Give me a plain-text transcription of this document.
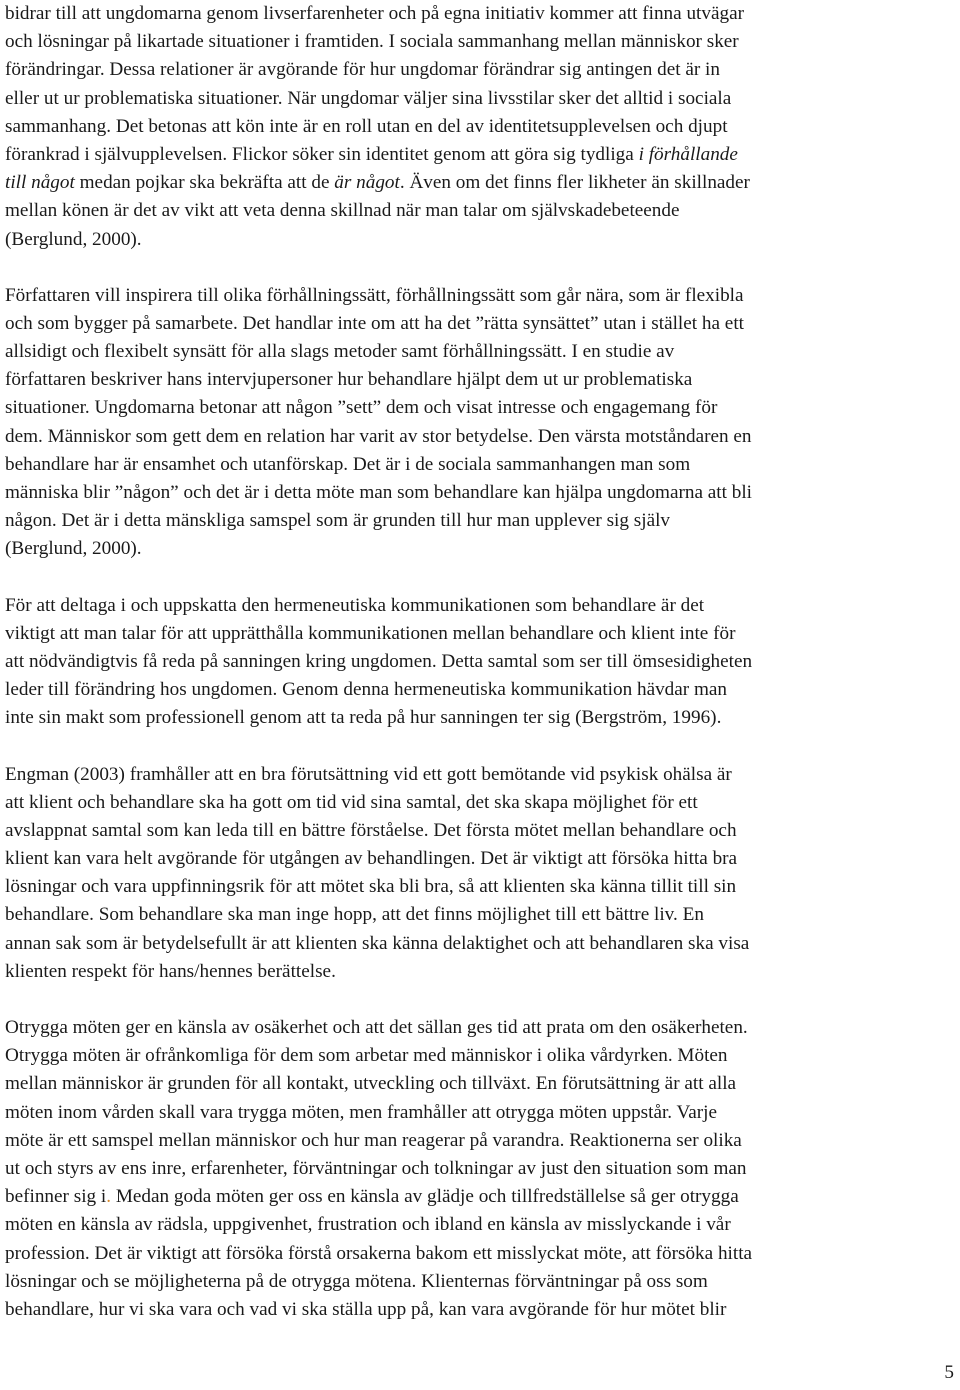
bidrar till att ungdomarna genom livserfarenheter och på egna initiativ kommer att finna utvägar
och lösningar på likartade situationer i framtiden. I sociala sammanhang mellan människor sker
förändringar. Dessa relationer är avgörande för hur ungdomar förändrar sig antingen det är in
eller ut ur problematiska situationer. När ungdomar väljer sina livsstilar sker det alltid i sociala
sammanhang. Det betonas att kön inte är en roll utan en del av identitetsupplevelsen och djupt
förankrad i självupplevelsen. Flickor söker sin identitet genom att göra sig tydliga i förhållande
till något medan pojkar ska bekräfta att de är något. Även om det finns fler likheter än skillnader
mellan könen är det av vikt att veta denna skillnad när man talar om självskadebeteende
(Berglund, 2000).

Författaren vill inspirera till olika förhållningssätt, förhållningssätt som går nära, som är flexibla
och som bygger på samarbete. Det handlar inte om att ha det ”rätta synsättet” utan i stället ha ett
allsidigt och flexibelt synsätt för alla slags metoder samt förhållningssätt. I en studie av
författaren beskriver hans intervjupersoner hur behandlare hjälpt dem ut ur problematiska
situationer. Ungdomarna betonar att någon ”sett” dem och visat intresse och engagemang för
dem. Människor som gett dem en relation har varit av stor betydelse. Den värsta motståndaren en
behandlare har är ensamhet och utanförskap. Det är i de sociala sammanhangen man som
människa blir ”någon” och det är i detta möte man som behandlare kan hjälpa ungdomarna att bli
någon. Det är i detta mänskliga samspel som är grunden till hur man upplever sig själv
(Berglund, 2000).

För att deltaga i och uppskatta den hermeneutiska kommunikationen som behandlare är det
viktigt att man talar för att upprätthålla kommunikationen mellan behandlare och klient inte för
att nödvändigtvis få reda på sanningen kring ungdomen. Detta samtal som ser till ömsesidigheten
leder till förändring hos ungdomen. Genom denna hermeneutiska kommunikation hävdar man
inte sin makt som professionell genom att ta reda på hur sanningen ter sig (Bergström, 1996).

Engman (2003) framhåller att en bra förutsättning vid ett gott bemötande vid psykisk ohälsa är
att klient och behandlare ska ha gott om tid vid sina samtal, det ska skapa möjlighet för ett
avslappnat samtal som kan leda till en bättre förståelse. Det första mötet mellan behandlare och
klient kan vara helt avgörande för utgången av behandlingen. Det är viktigt att försöka hitta bra
lösningar och vara uppfinningsrik för att mötet ska bli bra, så att klienten ska känna tillit till sin
behandlare. Som behandlare ska man inge hopp, att det finns möjlighet till ett bättre liv. En
annan sak som är betydelsefullt är att klienten ska känna delaktighet och att behandlaren ska visa
klienten respekt för hans/hennes berättelse.

Otrygga möten ger en känsla av osäkerhet och att det sällan ges tid att prata om den osäkerheten.
Otrygga möten är ofrånkomliga för dem som arbetar med människor i olika vårdyrken. Möten
mellan människor är grunden för all kontakt, utveckling och tillväxt. En förutsättning är att alla
möten inom vården skall vara trygga möten, men framhåller att otrygga möten uppstår. Varje
möte är ett samspel mellan människor och hur man reagerar på varandra. Reaktionerna ser olika
ut och styrs av ens inre, erfarenheter, förväntningar och tolkningar av just den situation som man
befinner sig i. Medan goda möten ger oss en känsla av glädje och tillfredställelse så ger otrygga
möten en känsla av rädsla, uppgivenhet, frustration och ibland en känsla av misslyckande i vår
profession. Det är viktigt att försöka förstå orsakerna bakom ett misslyckat möte, att försöka hitta
lösningar och se möjligheterna på de otrygga mötena. Klienternas förväntningar på oss som
behandlare, hur vi ska vara och vad vi ska ställa upp på, kan vara avgörande för hur mötet blir

5
